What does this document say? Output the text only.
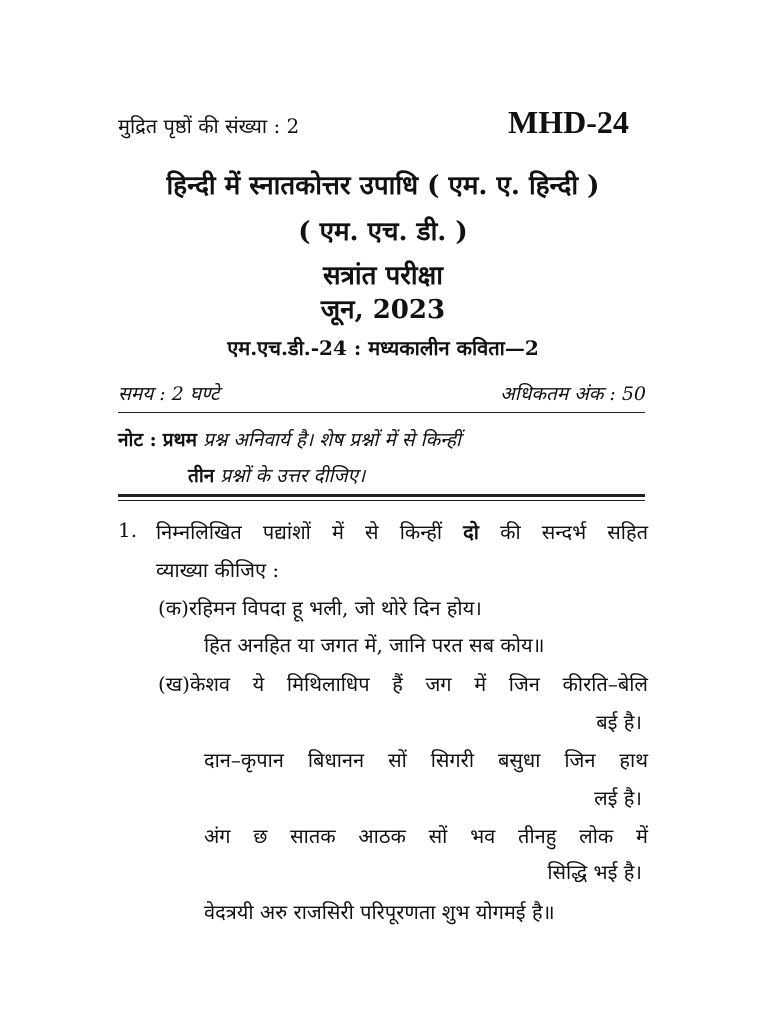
मुद्रित पृष्ठों की संख्या : 2	MHD-24
हिन्दी में स्नातकोत्तर उपाधि ( एम. ए. हिन्दी )
( एम. एच. डी. )
सत्रांत परीक्षा
जून, 2023
एम.एच.डी.-24 : मध्यकालीन कविता—2
समय : 2 घण्टे	अधिकतम अंक : 50
नोट : प्रथम प्रश्न अनिवार्य है। शेष प्रश्नों में से किन्हीं
तीन प्रश्नों के उत्तर दीजिए।
1. निम्नलिखित पद्यांशों में से किन्हीं दो की सन्दर्भ सहित
व्याख्या कीजिए :
(क)रहिमन विपदा हू भली, जो थोरे दिन होय।
हित अनहित या जगत में, जानि परत सब कोय॥
(ख)केशव ये मिथिलाधिप हैं जग में जिन कीरति–बेलि
बई है।
दान–कृपान बिधानन सों सिगरी बसुधा जिन हाथ
लई है।
अंग छ सातक आठक सों भव तीनहु लोक में
सिद्धि भई है।
वेदत्रयी अरु राजसिरी परिपूरणता शुभ योगमई है॥
